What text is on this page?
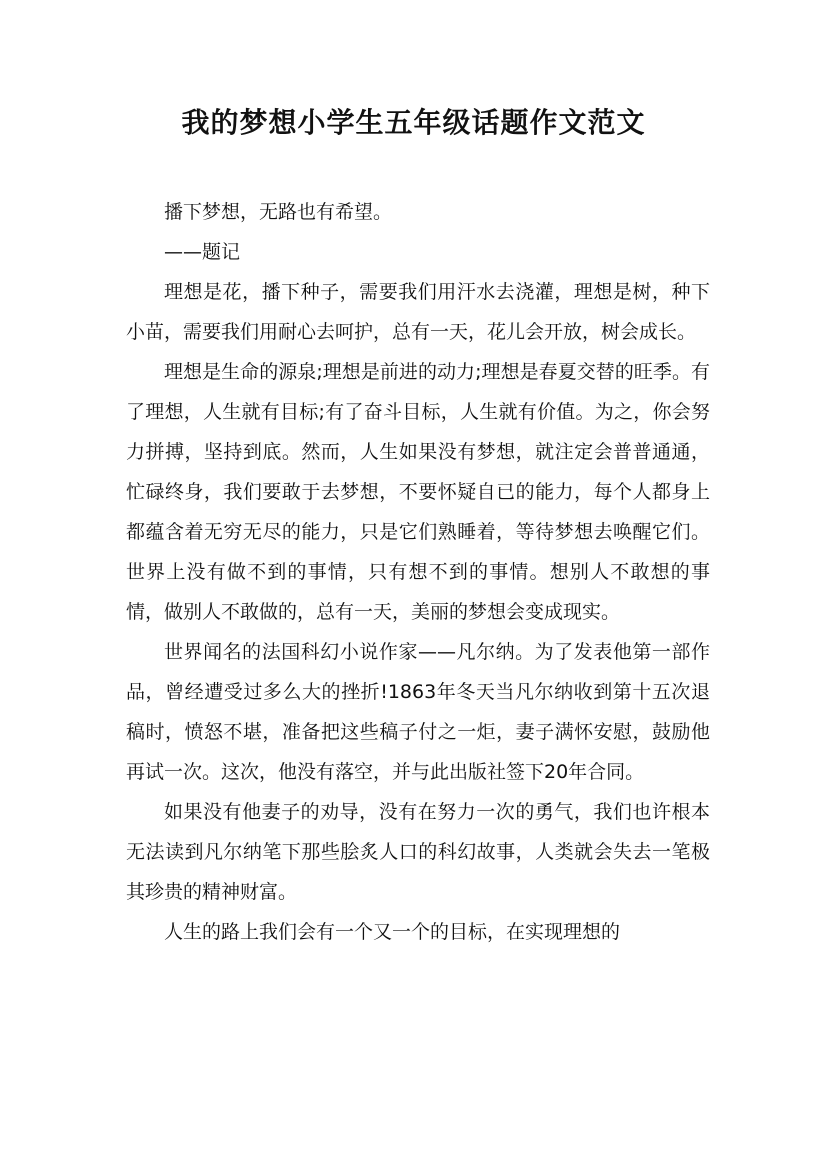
我的梦想小学生五年级话题作文范文

播下梦想，无路也有希望。

——题记

理想是花，播下种子，需要我们用汗水去浇灌，理想是树，种下小苗，需要我们用耐心去呵护，总有一天，花儿会开放，树会成长。

理想是生命的源泉;理想是前进的动力;理想是春夏交替的旺季。有了理想，人生就有目标;有了奋斗目标，人生就有价值。为之，你会努力拼搏，坚持到底。然而，人生如果没有梦想，就注定会普普通通，忙碌终身，我们要敢于去梦想，不要怀疑自已的能力，每个人都身上都蕴含着无穷无尽的能力，只是它们熟睡着，等待梦想去唤醒它们。世界上没有做不到的事情，只有想不到的事情。想别人不敢想的事情，做别人不敢做的，总有一天，美丽的梦想会变成现实。

世界闻名的法国科幻小说作家——凡尔纳。为了发表他第一部作品，曾经遭受过多么大的挫折!1863年冬天当凡尔纳收到第十五次退稿时，愤怒不堪，准备把这些稿子付之一炬，妻子满怀安慰，鼓励他再试一次。这次，他没有落空，并与此出版社签下20年合同。

如果没有他妻子的劝导，没有在努力一次的勇气，我们也许根本无法读到凡尔纳笔下那些脍炙人口的科幻故事，人类就会失去一笔极其珍贵的精神财富。

人生的路上我们会有一个又一个的目标，在实现理想的
